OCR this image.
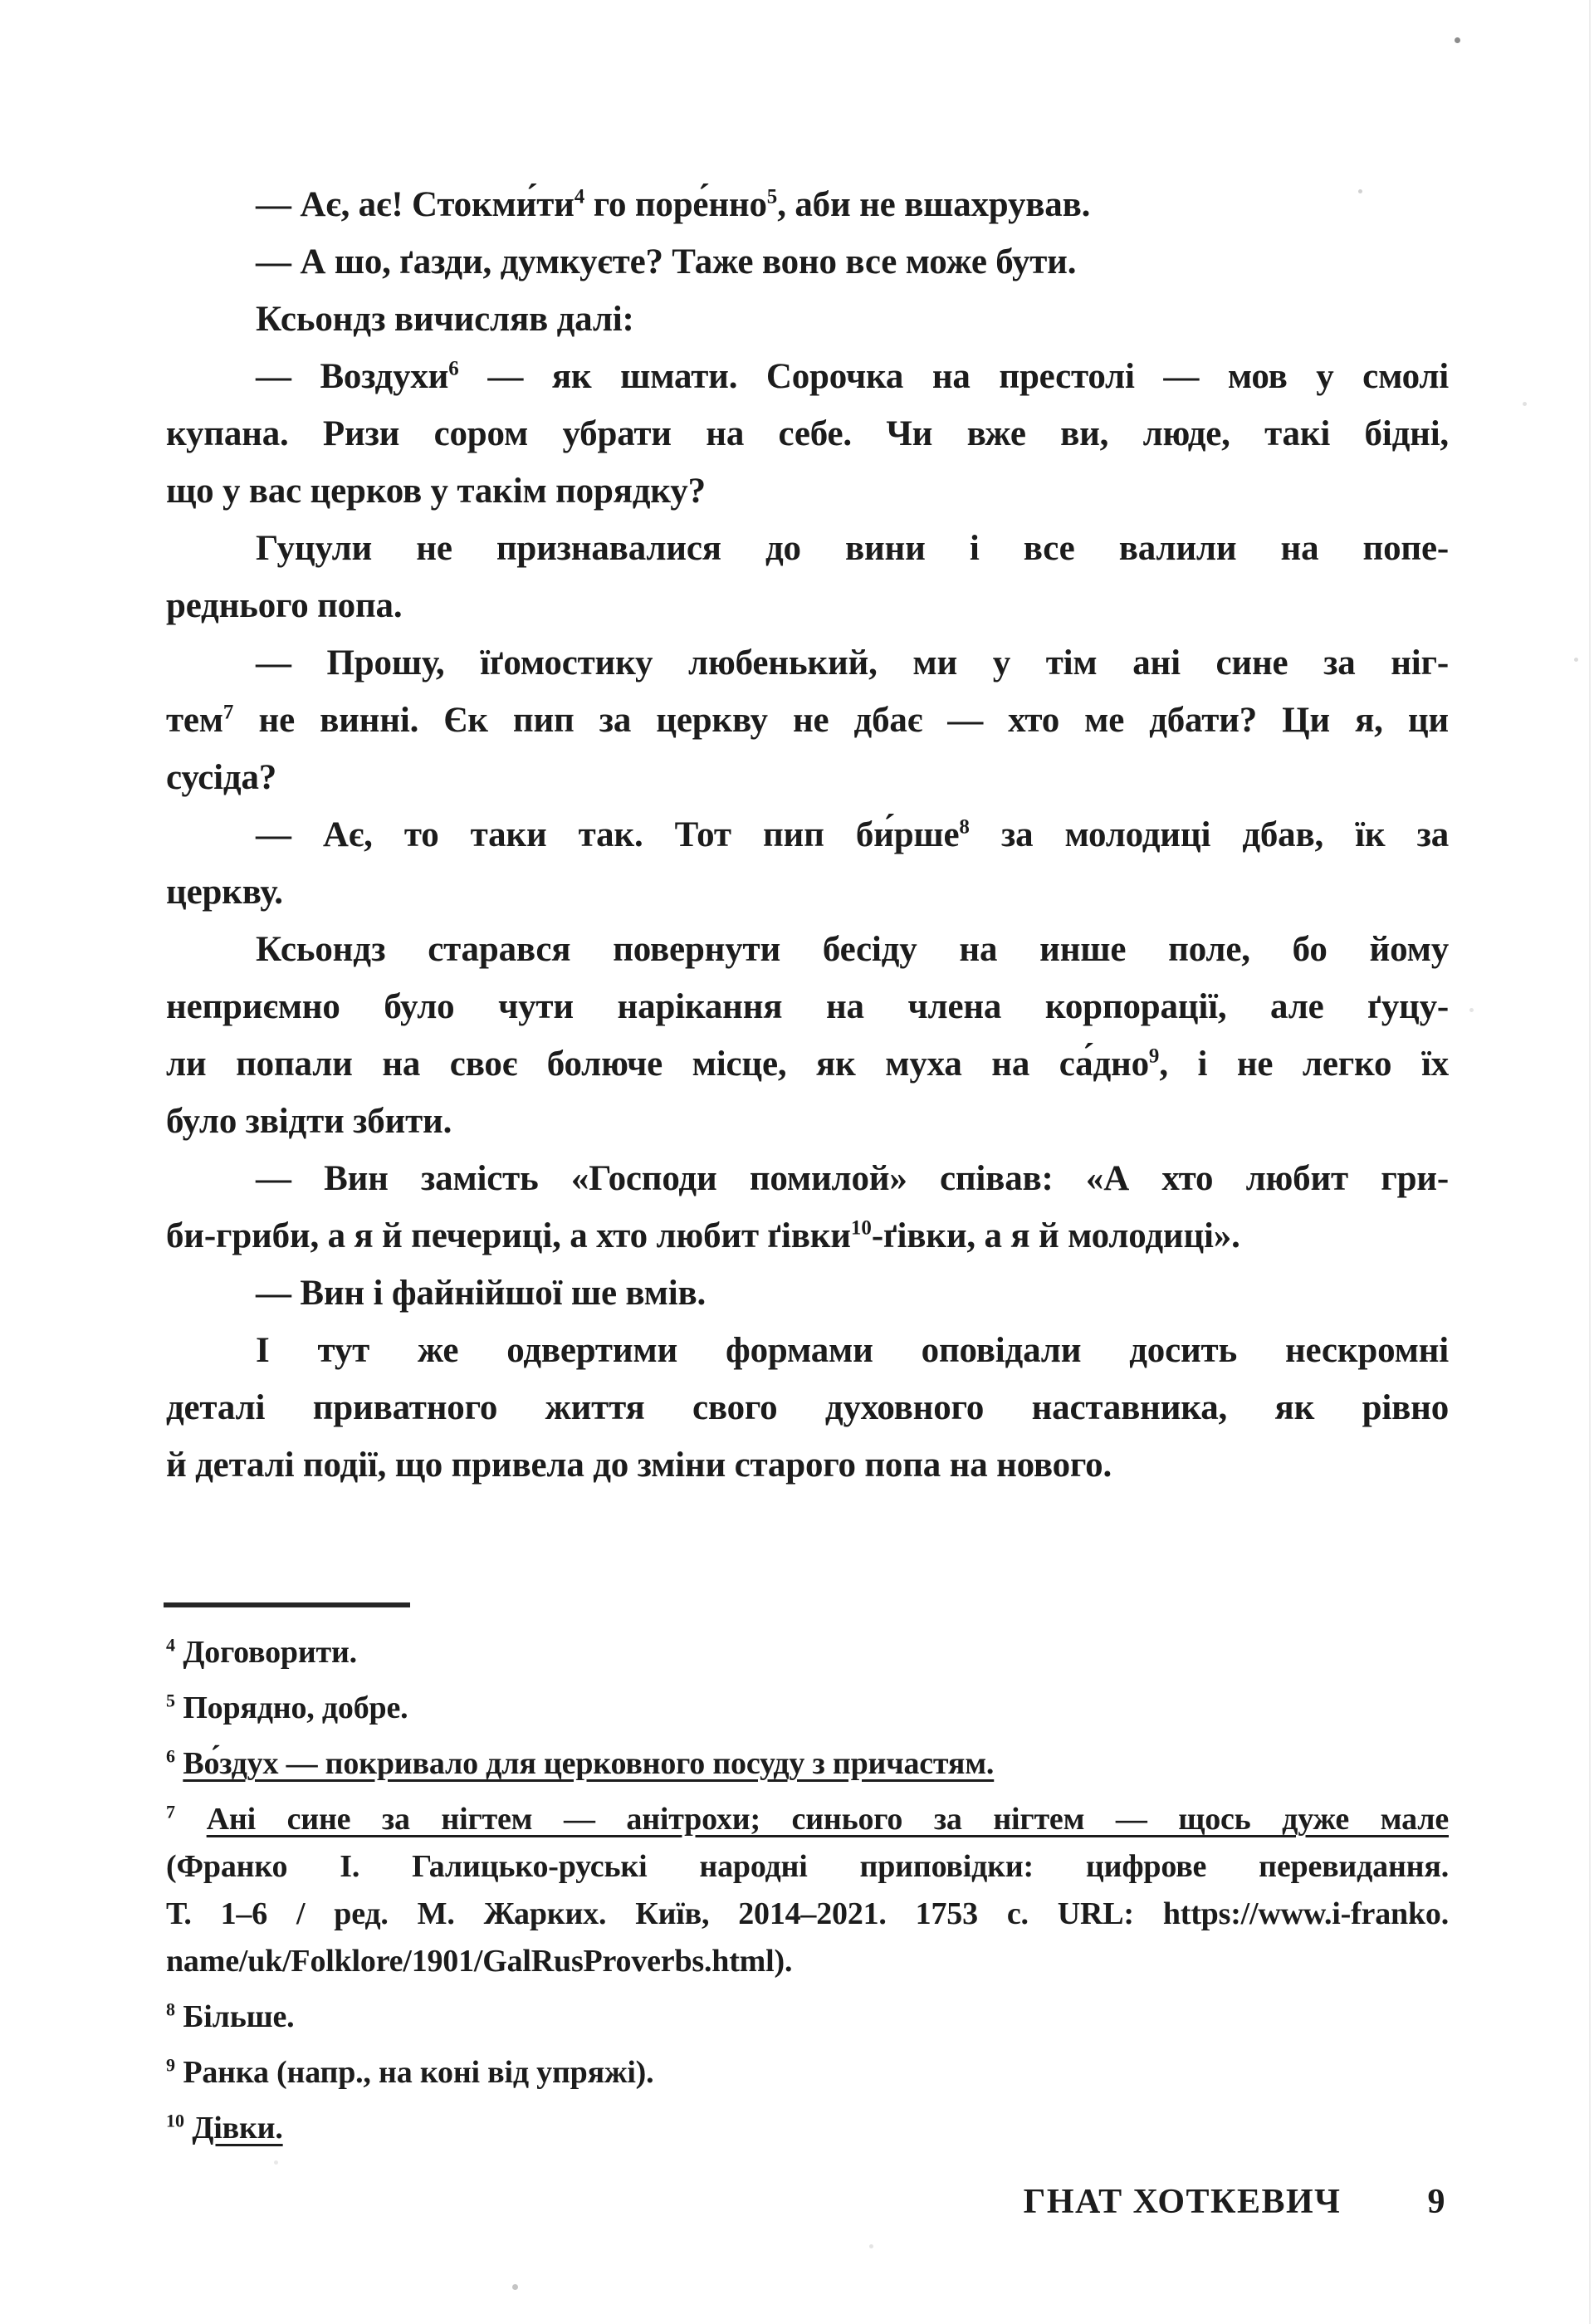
— Ає, ає! $Стокми́ти^4$ го поре́нно$^5$, аби не вшахрував.
— А шо, ґазди, думкуєте? Таже воно все може бути.
Ксьондз вичисляв далі:
— Воздухи$^6$ — як шмати. Сорочка на престолі — мов у смолі
купана. Ризи сором убрати на себе. Чи вже ви, люде, такі бідні,
що у вас церков у такім порядку?
Гуцули не признавалися до вини і все валили на попе-
реднього попа.
— Прошу, їґомостику любенький, ми у тім ані сине за ніг-
тем$^7$ не винні. Єк пип за церкву не дбає — хто ме дбати? Ци я, ци
сусіда?
— Ає, то таки так. Тот пип би́рше$^8$ за молодиці дбав, їк за
церкву.
Ксьондз старався повернути бесіду на инше поле, бо йому
неприємно було чути нарікання на члена корпорації, але ґуцу-
ли попали на своє болюче місце, як муха на са́дно$^9$, і не легко їх
було звідти збити.
— Вин замість «Господи помилой» співав: «А хто любит гри-
би-гриби, а я й печериці, а хто любит ґівки$^{10}$-ґівки, а я й молодиці».
— Вин і файнійшої ше вмів.
І тут же одвертими формами оповідали досить нескромні
деталі приватного життя свого духовного наставника, як рівно
й деталі події, що привела до зміни старого попа на нового.
$^4$ Договорити.
$^5$ Порядно, добре.
$^6$ Во́здух — покривало для церковного посуду з причастям.
$^7$ Ані сине за нігтем — анітрохи; синього за нігтем — щось дуже мале
(Франко І. Галицько-руські народні приповідки: цифрове перевидання.
Т. 1–6 / ред. М. Жарких. Київ, 2014–2021. 1753 с. URL: https://www.i-franko.
name/uk/Folklore/1901/GalRusProverbs.html).
$^8$ Більше.
$^9$ Ранка (напр., на коні від упряжі).
$^{10}$ Дівки.
ГНАТ ХОТКЕВИЧ 9
